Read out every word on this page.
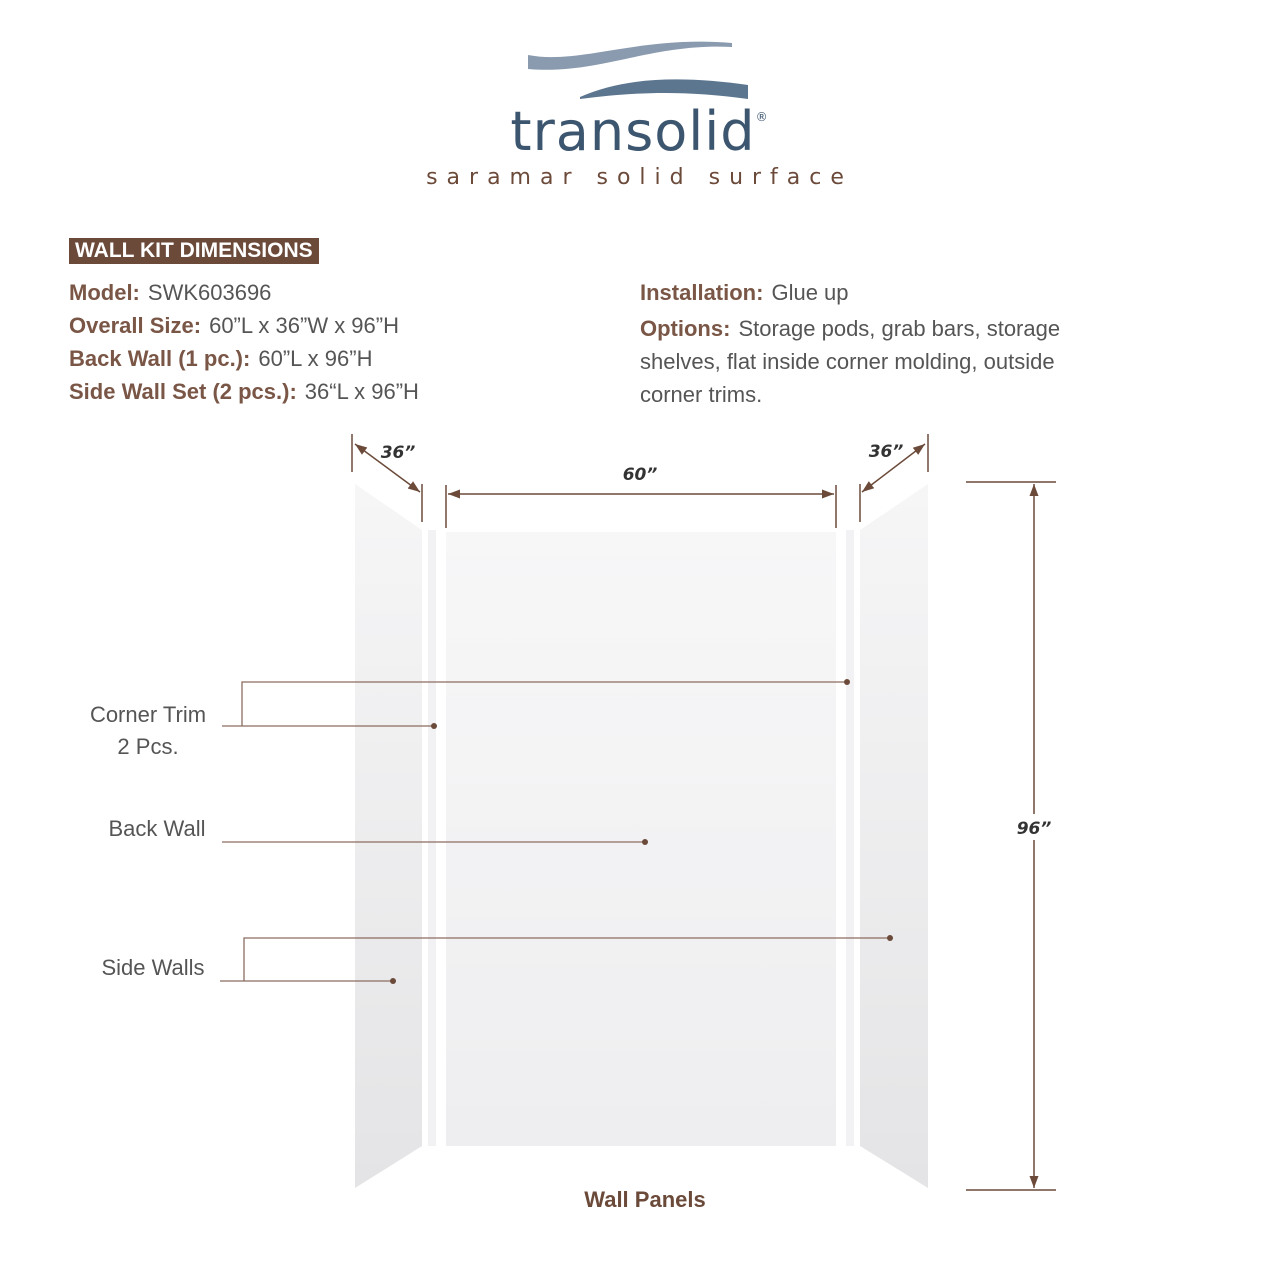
transolid®
saramar solid surface
WALL KIT DIMENSIONS
Model: SWK603696
Overall Size: 60”L x 36”W x 96”H
Back Wall (1 pc.): 60”L x 96”H
Side Wall Set (2 pcs.): 36“L x 96”H
Installation: Glue up
Options: Storage pods, grab bars, storage shelves, flat inside corner molding, outside corner trims.
36”
60”
36”
96”
Corner Trim
2 Pcs.
Back Wall
Side Walls
Wall Panels
